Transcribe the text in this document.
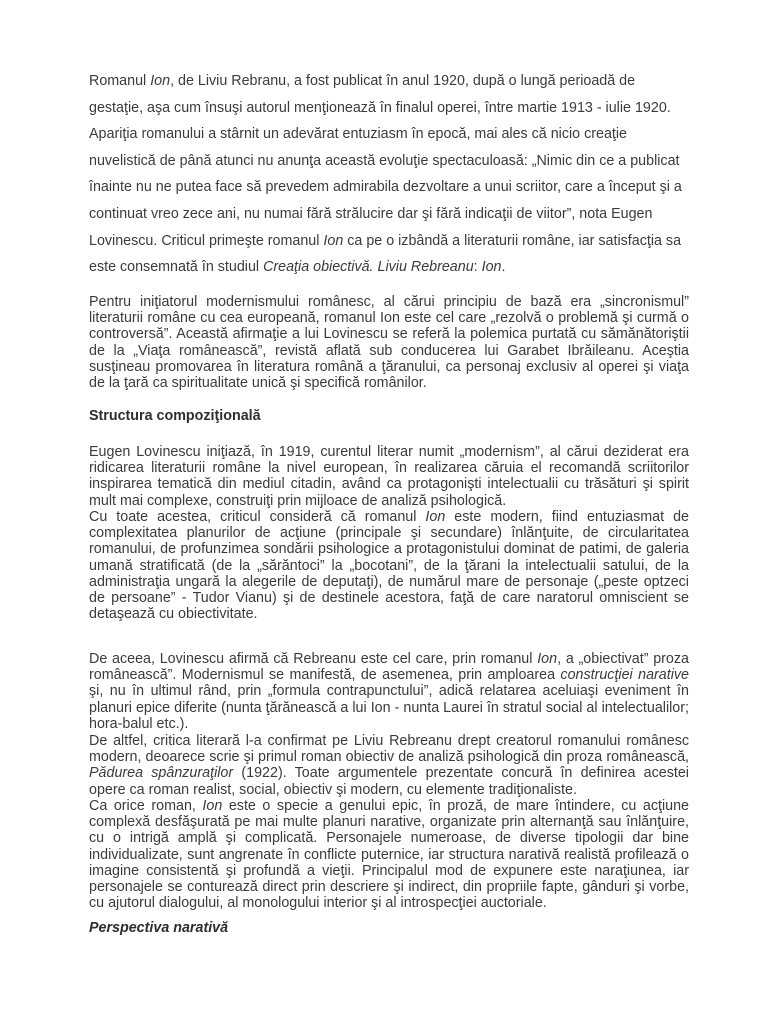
Romanul Ion, de Liviu Rebranu, a fost publicat în anul 1920, după o lungă perioadă de gestaţie, aşa cum însuşi autorul menţionează în finalul operei, între martie 1913 - iulie 1920. Apariţia romanului a stârnit un adevărat entuziasm în epocă, mai ales că nicio creaţie nuvelistică de până atunci nu anunţa această evoluţie spectaculoasă: „Nimic din ce a publicat înainte nu ne putea face să prevedem admirabila dezvoltare a unui scriitor, care a început şi a continuat vreo zece ani, nu numai fără strălucire dar şi fără indicaţii de viitor”, nota Eugen Lovinescu. Criticul primeşte romanul Ion ca pe o izbândă a literaturii române, iar satisfacţia sa este consemnată în studiul Creaţia obiectivă. Liviu Rebreanu: Ion.

Pentru iniţiatorul modernismului românesc, al cărui principiu de bază era „sincronismul” literaturii române cu cea europeană, romanul Ion este cel care „rezolvă o problemă şi curmă o controversă”. Această afirmaţie a lui Lovinescu se referă la polemica purtată cu sămănătoriştii de la „Viaţa românească”, revistă aflată sub conducerea lui Garabet Ibrăileanu. Aceştia susţineau promovarea în literatura română a ţăranului, ca personaj exclusiv al operei şi viaţa de la ţară ca spiritualitate unică şi specifică românilor.

Structura compoziţională

Eugen Lovinescu iniţiază, în 1919, curentul literar numit „modernism”, al cărui deziderat era ridicarea literaturii române la nivel european, în realizarea căruia el recomandă scriitorilor inspirarea tematică din mediul citadin, având ca protagonişti intelectualii cu trăsături şi spirit mult mai complexe, construiţi prin mijloace de analiză psihologică.

Cu toate acestea, criticul consideră că romanul Ion este modern, fiind entuziasmat de complexitatea planurilor de acţiune (principale şi secundare) înlănţuite, de circularitatea romanului, de profunzimea sondării psihologice a protagonistului dominat de patimi, de galeria umană stratificată (de la „sărăntoci” la „bocotani”, de la ţărani la intelectualii satului, de la administraţia ungară la alegerile de deputaţi), de numărul mare de personaje („peste optzeci de persoane” - Tudor Vianu) şi de destinele acestora, faţă de care naratorul omniscient se detaşează cu obiectivitate.

De aceea, Lovinescu afirmă că Rebreanu este cel care, prin romanul Ion, a „obiectivat” proza românească”. Modernismul se manifestă, de asemenea, prin amploarea construcţiei narative şi, nu în ultimul rând, prin „formula contrapunctului”, adică relatarea aceluiaşi eveniment în planuri epice diferite (nunta ţărănească a lui Ion - nunta Laurei în stratul social al intelectualilor; hora-balul etc.).

De altfel, critica literară l-a confirmat pe Liviu Rebreanu drept creatorul romanului românesc modern, deoarece scrie şi primul roman obiectiv de analiză psihologică din proza românească, Pădurea spânzuraţilor (1922). Toate argumentele prezentate concură în definirea acestei opere ca roman realist, social, obiectiv şi modern, cu elemente tradiţionaliste.

Ca orice roman, Ion este o specie a genului epic, în proză, de mare întindere, cu acţiune complexă desfăşurată pe mai multe planuri narative, organizate prin alternanţă sau înlănţuire, cu o intrigă amplă şi complicată. Personajele numeroase, de diverse tipologii dar bine individualizate, sunt angrenate în conflicte puternice, iar structura narativă realistă profilează o imagine consistentă şi profundă a vieţii. Principalul mod de expunere este naraţiunea, iar personajele se conturează direct prin descriere şi indirect, din propriile fapte, gânduri şi vorbe, cu ajutorul dialogului, al monologului interior şi al introspecţiei auctoriale.

Perspectiva narativă
